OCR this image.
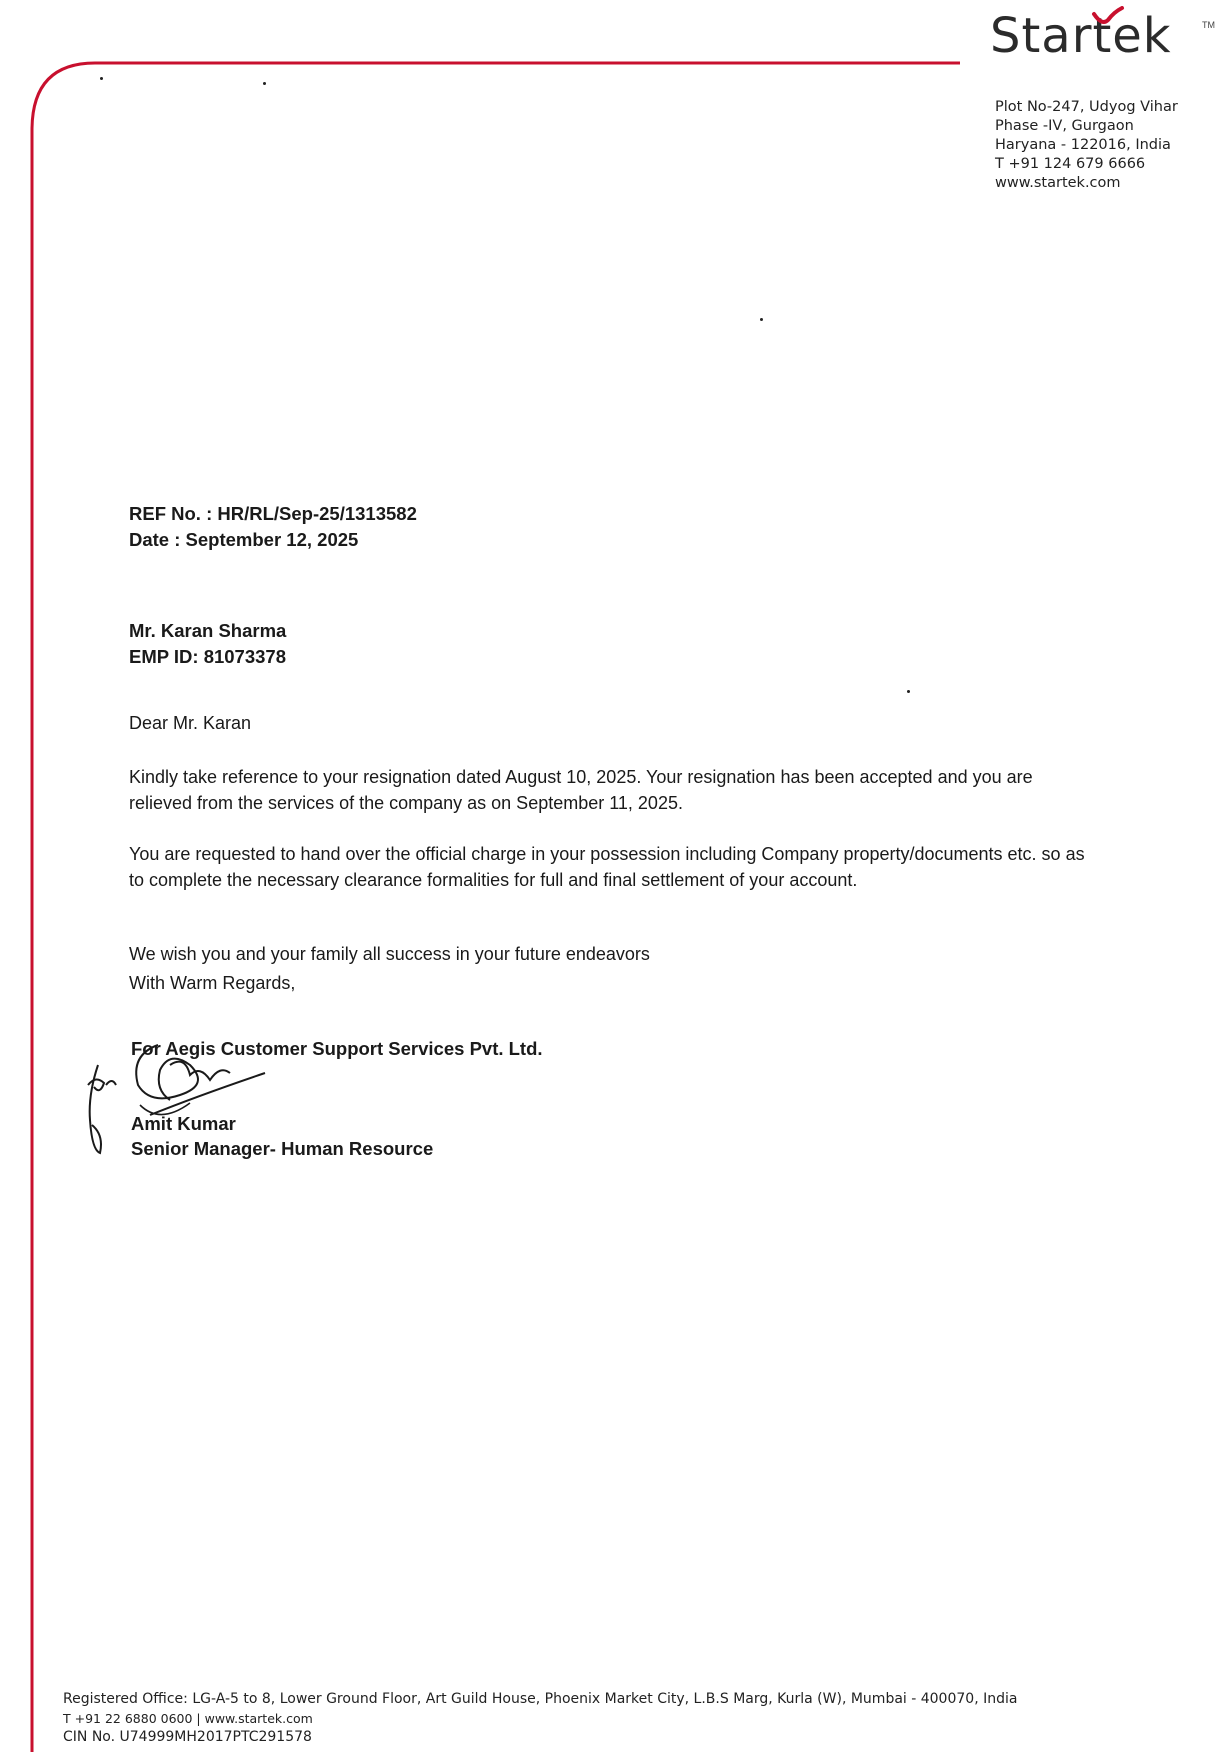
Startek	TM
Plot No-247, Udyog Vihar
Phase -IV, Gurgaon
Haryana - 122016, India
T +91 124 679 6666
www.startek.com
REF No. : HR/RL/Sep-25/1313582
Date : September 12, 2025
Mr. Karan Sharma
EMP ID: 81073378
Dear Mr. Karan
Kindly take reference to your resignation dated August 10, 2025. Your resignation has been accepted and you are relieved from the services of the company as on September 11, 2025.
You are requested to hand over the official charge in your possession including Company property/documents etc. so as to complete the necessary clearance formalities for full and final settlement of your account.
We wish you and your family all success in your future endeavors
With Warm Regards,
For Aegis Customer Support Services Pvt. Ltd.
Amit Kumar
Senior Manager- Human Resource
Registered Office: LG-A-5 to 8, Lower Ground Floor, Art Guild House, Phoenix Market City, L.B.S Marg, Kurla (W), Mumbai - 400070, India
T +91 22 6880 0600 | www.startek.com
CIN No. U74999MH2017PTC291578
